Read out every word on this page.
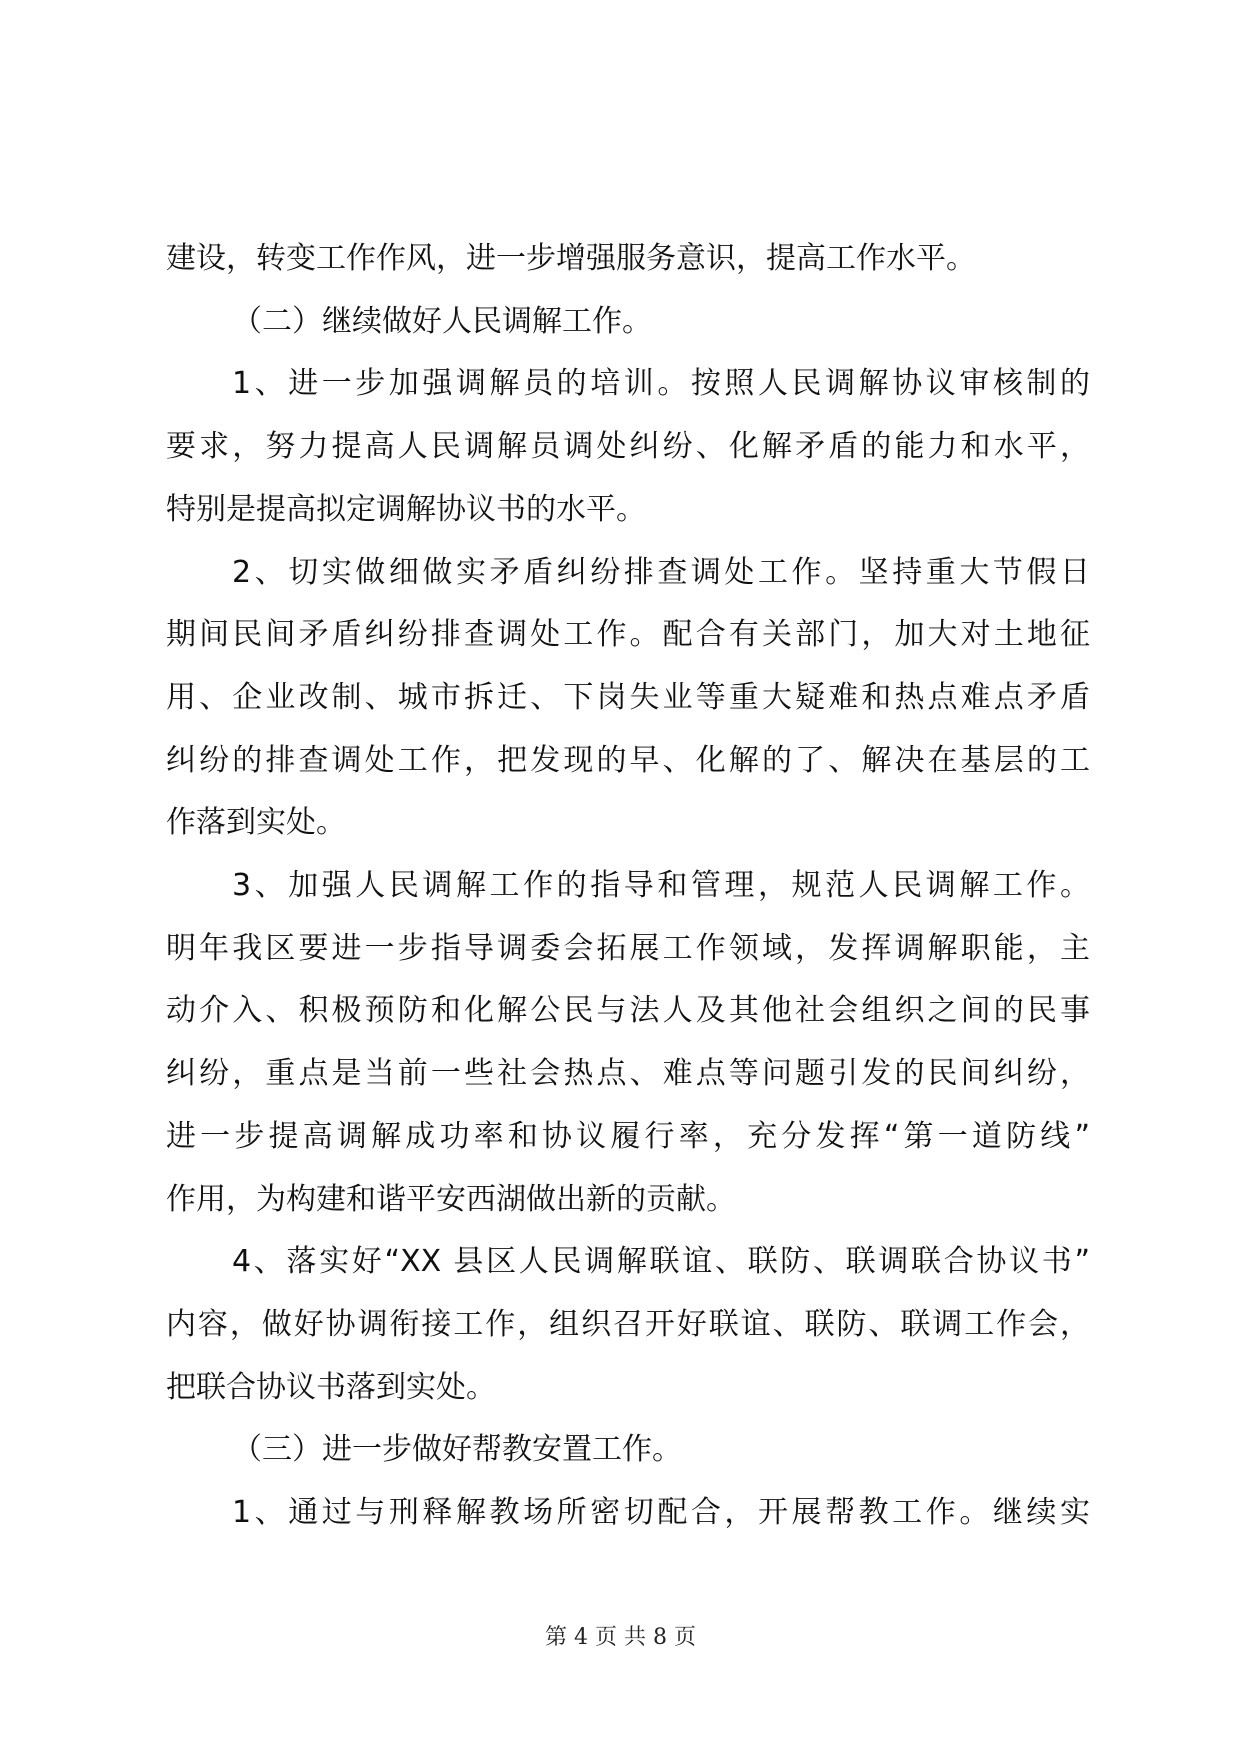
建设，转变工作作风，进一步增强服务意识，提高工作水平。
（二）继续做好人民调解工作。
1、进一步加强调解员的培训。按照人民调解协议审核制的
要求，努力提高人民调解员调处纠纷、化解矛盾的能力和水平，
特别是提高拟定调解协议书的水平。
2、切实做细做实矛盾纠纷排查调处工作。坚持重大节假日
期间民间矛盾纠纷排查调处工作。配合有关部门，加大对土地征
用、企业改制、城市拆迁、下岗失业等重大疑难和热点难点矛盾
纠纷的排查调处工作，把发现的早、化解的了、解决在基层的工
作落到实处。
3、加强人民调解工作的指导和管理，规范人民调解工作。
明年我区要进一步指导调委会拓展工作领域，发挥调解职能，主
动介入、积极预防和化解公民与法人及其他社会组织之间的民事
纠纷，重点是当前一些社会热点、难点等问题引发的民间纠纷，
进一步提高调解成功率和协议履行率，充分发挥“第一道防线”
作用，为构建和谐平安西湖做出新的贡献。
4、落实好“XX 县区人民调解联谊、联防、联调联合协议书”
内容，做好协调衔接工作，组织召开好联谊、联防、联调工作会，
把联合协议书落到实处。
（三）进一步做好帮教安置工作。
1、通过与刑释解教场所密切配合，开展帮教工作。继续实
第 4 页 共 8 页
